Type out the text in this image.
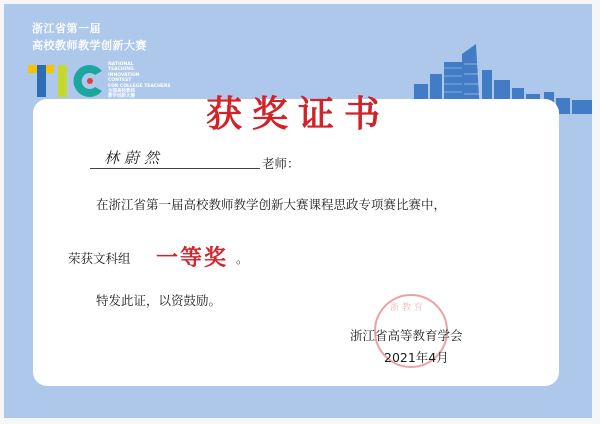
浙江省第一届
高校教师教学创新大赛
NATIONAL
TEACHING
INNOVATION
CONTEST
FOR COLLEGE TEACHERS
全国高校教师
教学创新大赛	获奖证书
林蔚然	老师：
在浙江省第一届高校教师教学创新大赛课程思政专项赛比赛中，
荣获文科组 一等奖 。
特发此证，以资鼓励。	浙 教 育
浙江省高等教育学会
2021年4月
